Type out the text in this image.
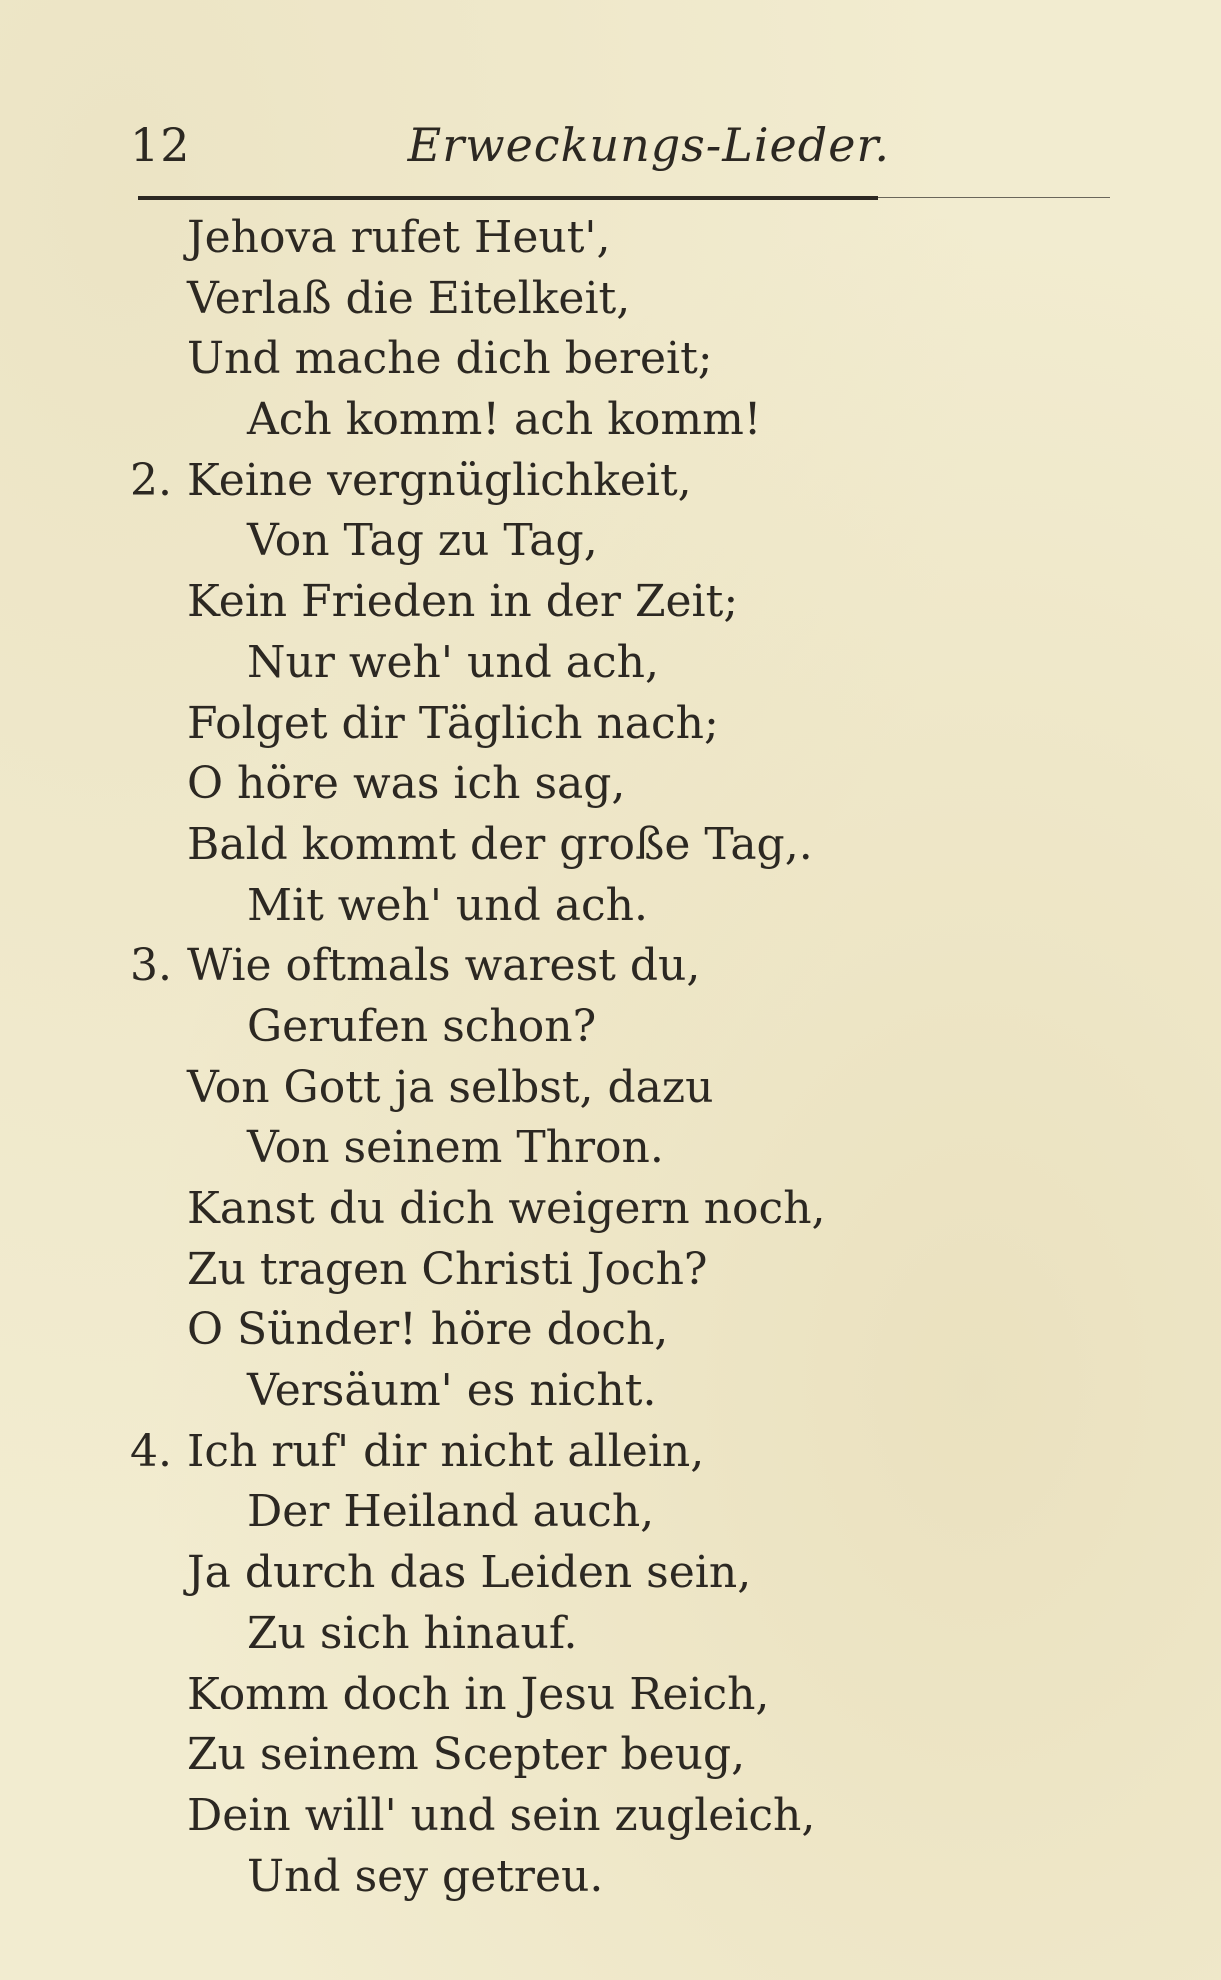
12	Erweckungs-Lieder.
Jehova rufet Heut',
Verlaß die Eitelkeit,
Und mache dich bereit;
Ach komm! ach komm!
2. Keine vergnüglichkeit,
Von Tag zu Tag,
Kein Frieden in der Zeit;
Nur weh' und ach,
Folget dir Täglich nach;
O höre was ich sag,
Bald kommt der große Tag,.
Mit weh' und ach.
3. Wie oftmals warest du,
Gerufen schon?
Von Gott ja selbst, dazu
Von seinem Thron.
Kanst du dich weigern noch,
Zu tragen Christi Joch?
O Sünder! höre doch,
Versäum' es nicht.
4. Ich ruf' dir nicht allein,
Der Heiland auch,
Ja durch das Leiden sein,
Zu sich hinauf.
Komm doch in Jesu Reich,
Zu seinem Scepter beug,
Dein will' und sein zugleich,
Und sey getreu.
